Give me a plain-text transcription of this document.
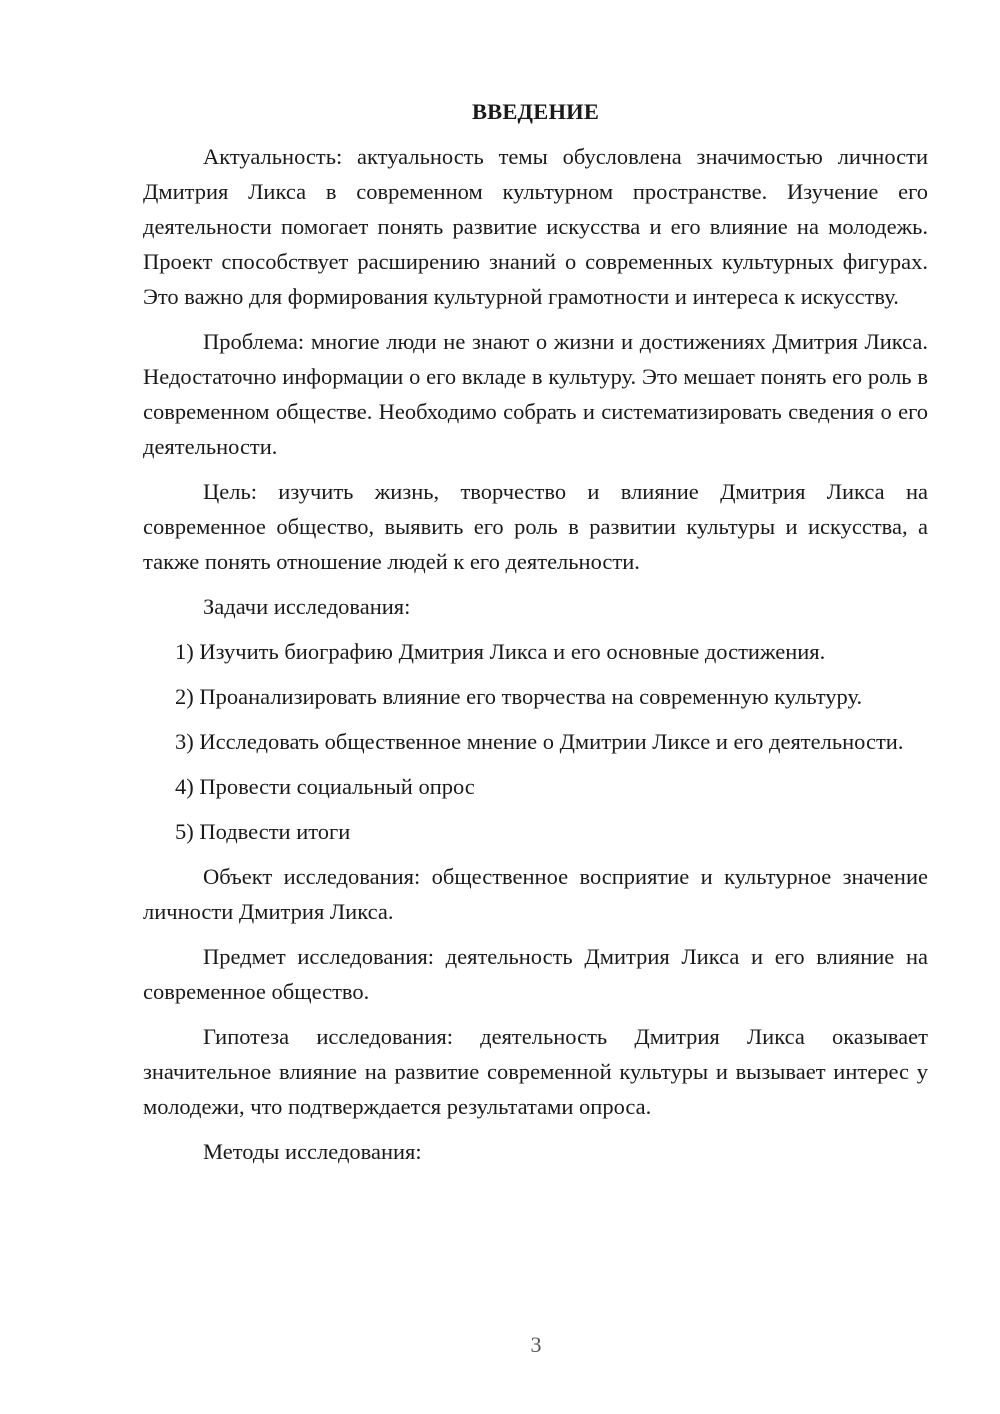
ВВЕДЕНИЕ

Актуальность: актуальность темы обусловлена значимостью личности Дмитрия Ликса в современном культурном пространстве. Изучение его деятельности помогает понять развитие искусства и его влияние на молодежь. Проект способствует расширению знаний о современных культурных фигурах. Это важно для формирования культурной грамотности и интереса к искусству.

Проблема: многие люди не знают о жизни и достижениях Дмитрия Ликса. Недостаточно информации о его вкладе в культуру. Это мешает понять его роль в современном обществе. Необходимо собрать и систематизировать сведения о его деятельности.

Цель: изучить жизнь, творчество и влияние Дмитрия Ликса на современное общество, выявить его роль в развитии культуры и искусства, а также понять отношение людей к его деятельности.

Задачи исследования:

1) Изучить биографию Дмитрия Ликса и его основные достижения.

2) Проанализировать влияние его творчества на современную культуру.

3) Исследовать общественное мнение о Дмитрии Ликсе и его деятельности.

4) Провести социальный опрос

5) Подвести итоги

Объект исследования: общественное восприятие и культурное значение личности Дмитрия Ликса.

Предмет исследования: деятельность Дмитрия Ликса и его влияние на современное общество.

Гипотеза исследования: деятельность Дмитрия Ликса оказывает значительное влияние на развитие современной культуры и вызывает интерес у молодежи, что подтверждается результатами опроса.

Методы исследования:

3
